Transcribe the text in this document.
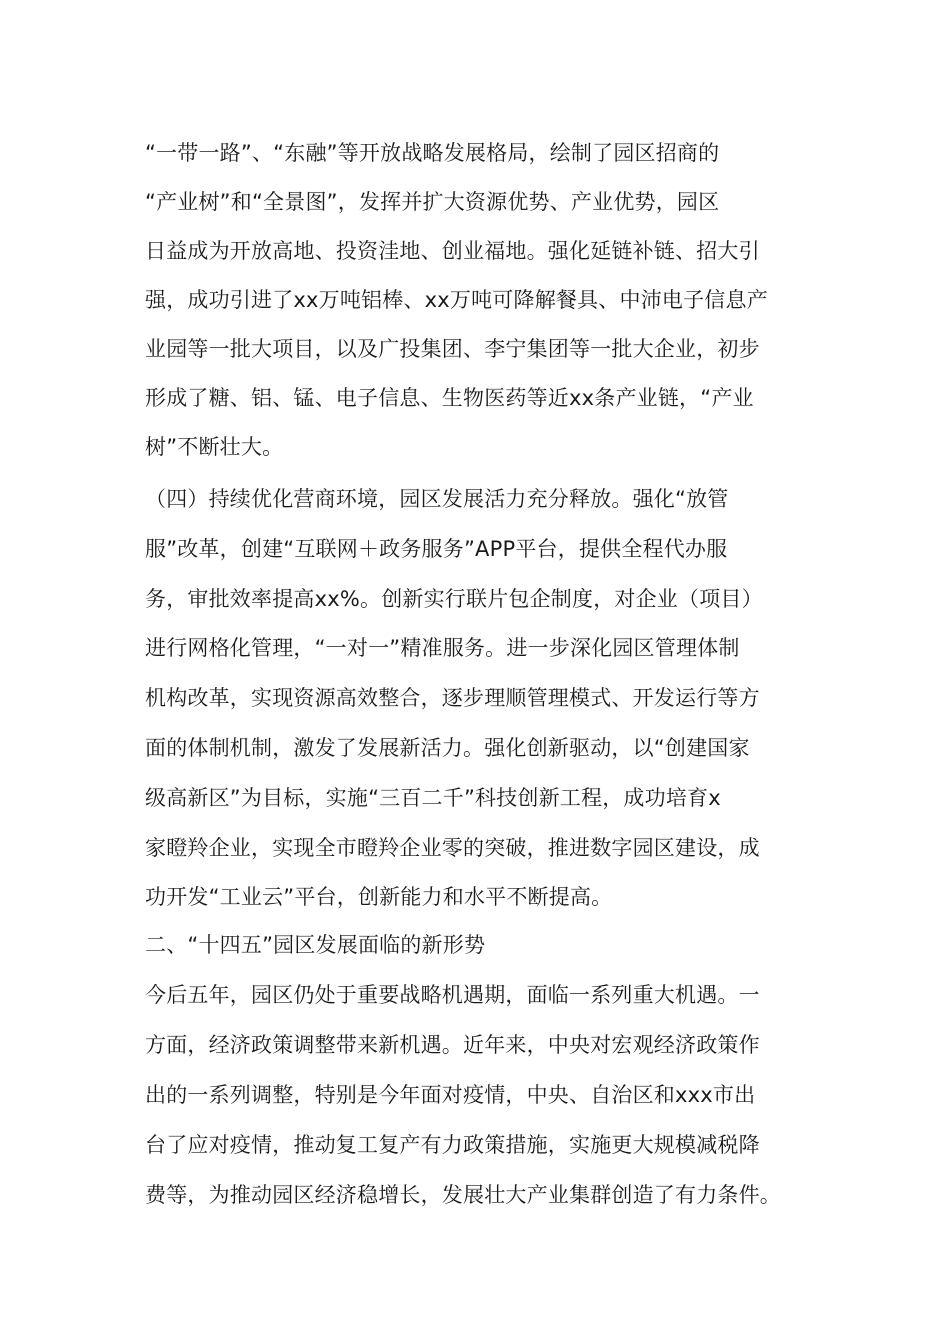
“一带一路”、“东融”等开放战略发展格局，绘制了园区招商的
“产业树”和“全景图”，发挥并扩大资源优势、产业优势，园区
日益成为开放高地、投资洼地、创业福地。强化延链补链、招大引
强，成功引进了xx万吨铝棒、xx万吨可降解餐具、中沛电子信息产
业园等一批大项目，以及广投集团、李宁集团等一批大企业，初步
形成了糖、铝、锰、电子信息、生物医药等近xx条产业链，“产业
树”不断壮大。
（四）持续优化营商环境，园区发展活力充分释放。强化“放管
服”改革，创建“互联网＋政务服务”APP平台，提供全程代办服
务，审批效率提高xx%。创新实行联片包企制度，对企业（项目）
进行网格化管理，“一对一”精准服务。进一步深化园区管理体制
机构改革，实现资源高效整合，逐步理顺管理模式、开发运行等方
面的体制机制，激发了发展新活力。强化创新驱动，以“创建国家
级高新区”为目标，实施“三百二千”科技创新工程，成功培育x
家瞪羚企业，实现全市瞪羚企业零的突破，推进数字园区建设，成
功开发“工业云”平台，创新能力和水平不断提高。
二、“十四五”园区发展面临的新形势
今后五年，园区仍处于重要战略机遇期，面临一系列重大机遇。一
方面，经济政策调整带来新机遇。近年来，中央对宏观经济政策作
出的一系列调整，特别是今年面对疫情，中央、自治区和xxx市出
台了应对疫情，推动复工复产有力政策措施，实施更大规模减税降
费等，为推动园区经济稳增长，发展壮大产业集群创造了有力条件。
